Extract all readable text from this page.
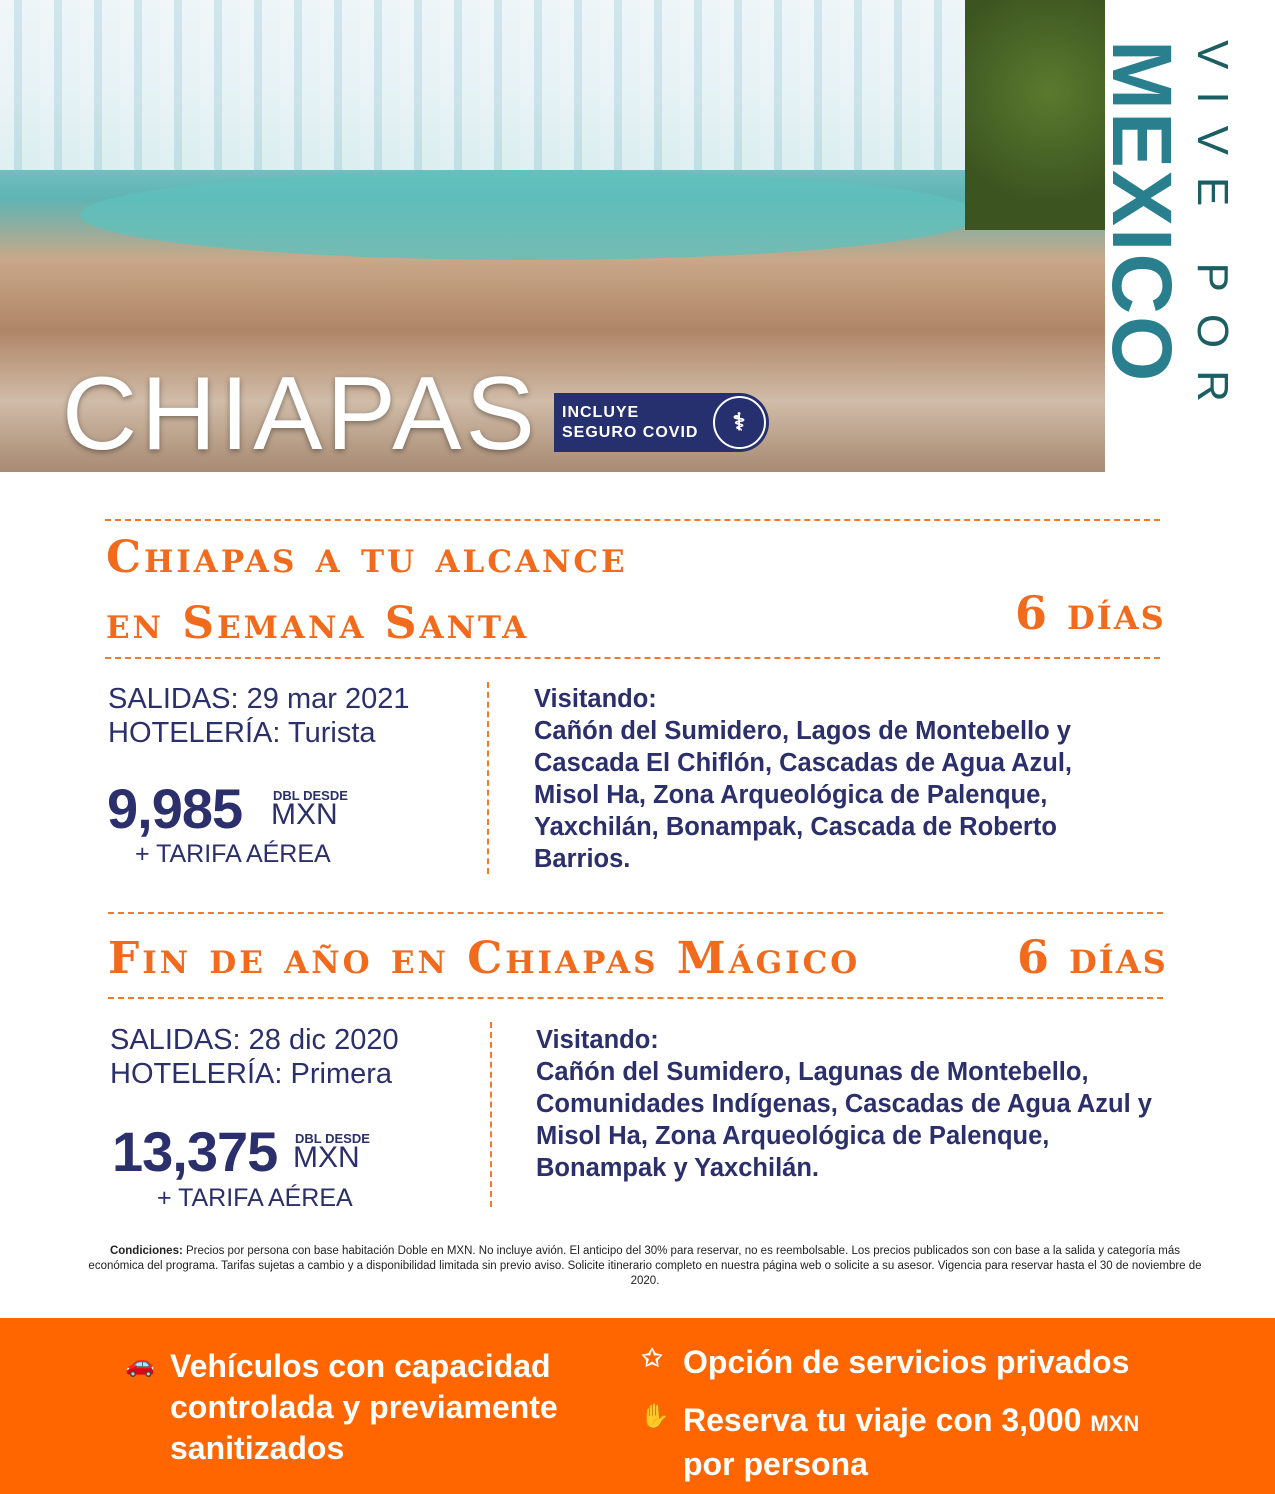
CHIAPAS INCLUYE
SEGURO COVID	⚕
MEXICO VIVE POR
Chiapas a tu alcance
en Semana Santa	6 días
SALIDAS: 29 mar 2021
HOTELERÍA: Turista
9,985 DBL DESDE
MXN
+ TARIFA AÉREA
Visitando:
Cañón del Sumidero, Lagos de Montebello y Cascada El Chiflón, Cascadas de Agua Azul, Misol Ha, Zona Arqueológica de Palenque, Yaxchilán, Bonampak, Cascada de Roberto Barrios.
Fin de año en Chiapas Mágico	6 días
SALIDAS: 28 dic 2020
HOTELERÍA: Primera
13,375 DBL DESDE
MXN
+ TARIFA AÉREA
Visitando:
Cañón del Sumidero, Lagunas de Montebello, Comunidades Indígenas, Cascadas de Agua Azul y Misol Ha, Zona Arqueológica de Palenque, Bonampak y Yaxchilán.
Condiciones: Precios por persona con base habitación Doble en MXN. No incluye avión. El anticipo del 30% para reservar, no es reembolsable. Los precios publicados son con base a la salida y categoría más económica del programa. Tarifas sujetas a cambio y a disponibilidad limitada sin previo aviso. Solicite itinerario completo en nuestra página web o solicite a su asesor. Vigencia para reservar hasta el 30 de noviembre de 2020.
🚗 Vehículos con capacidad controlada y previamente sanitizados
✩ Opción de servicios privados
✋ Reserva tu viaje con 3,000 MXN
por persona
